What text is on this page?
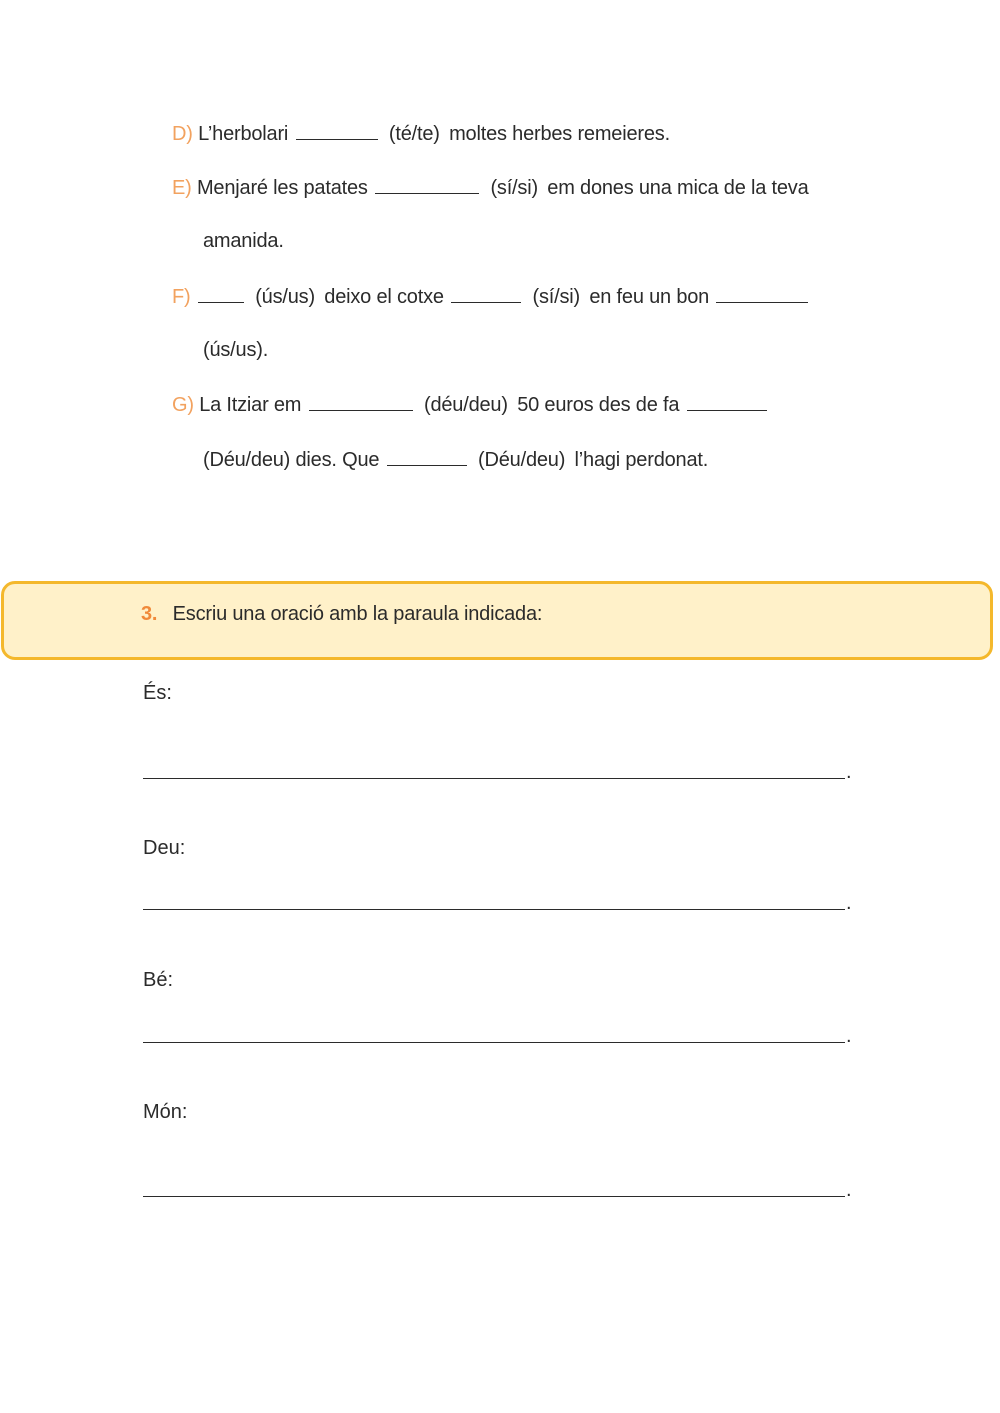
D) L’herbolari	(té/te) moltes herbes remeieres.
E) Menjaré les patates	(sí/si) em dones una mica de la teva
amanida.
F)	(ús/us) deixo el cotxe	(sí/si) en feu un bon
(ús/us).
G) La Itziar em	(déu/deu) 50 euros des de fa
(Déu/deu) dies. Que	(Déu/deu) l’hagi perdonat.
3. Escriu una oració amb la paraula indicada:
És:
.
Deu:
.
Bé:
.
Món:
.
